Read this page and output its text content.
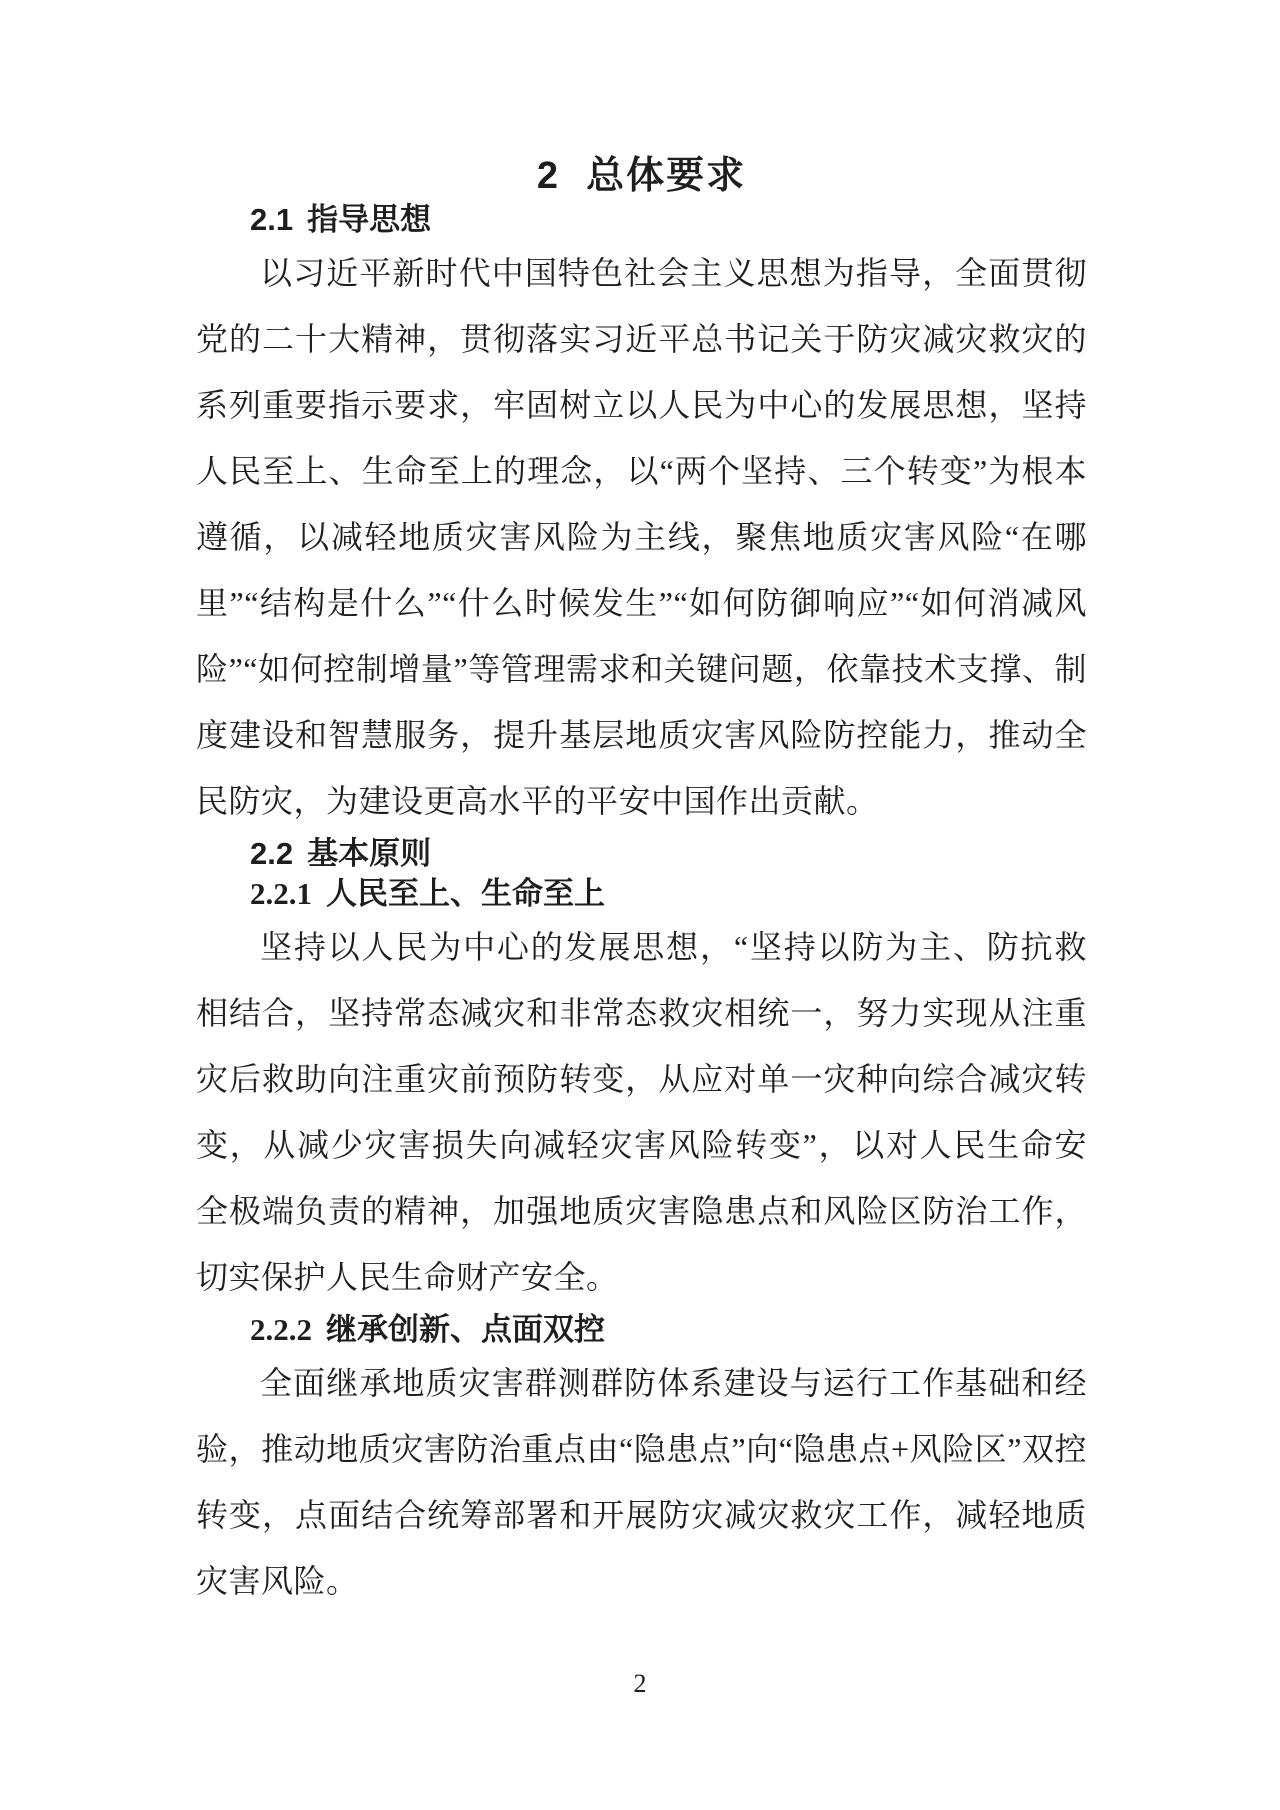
2 总体要求
2.1 指导思想

以习近平新时代中国特色社会主义思想为指导，全面贯彻党的二十大精神，贯彻落实习近平总书记关于防灾减灾救灾的系列重要指示要求，牢固树立以人民为中心的发展思想，坚持人民至上、生命至上的理念，以“两个坚持、三个转变”为根本遵循，以减轻地质灾害风险为主线，聚焦地质灾害风险“在哪里”“结构是什么”“什么时候发生”“如何防御响应”“如何消减风险”“如何控制增量”等管理需求和关键问题，依靠技术支撑、制度建设和智慧服务，提升基层地质灾害风险防控能力，推动全民防灾，为建设更高水平的平安中国作出贡献。

2.2 基本原则
2.2.1 人民至上、生命至上

坚持以人民为中心的发展思想，“坚持以防为主、防抗救相结合，坚持常态减灾和非常态救灾相统一，努力实现从注重灾后救助向注重灾前预防转变，从应对单一灾种向综合减灾转变，从减少灾害损失向减轻灾害风险转变”，以对人民生命安全极端负责的精神，加强地质灾害隐患点和风险区防治工作，切实保护人民生命财产安全。

2.2.2 继承创新、点面双控

全面继承地质灾害群测群防体系建设与运行工作基础和经验，推动地质灾害防治重点由“隐患点”向“隐患点+风险区”双控转变，点面结合统筹部署和开展防灾减灾救灾工作，减轻地质灾害风险。

2
